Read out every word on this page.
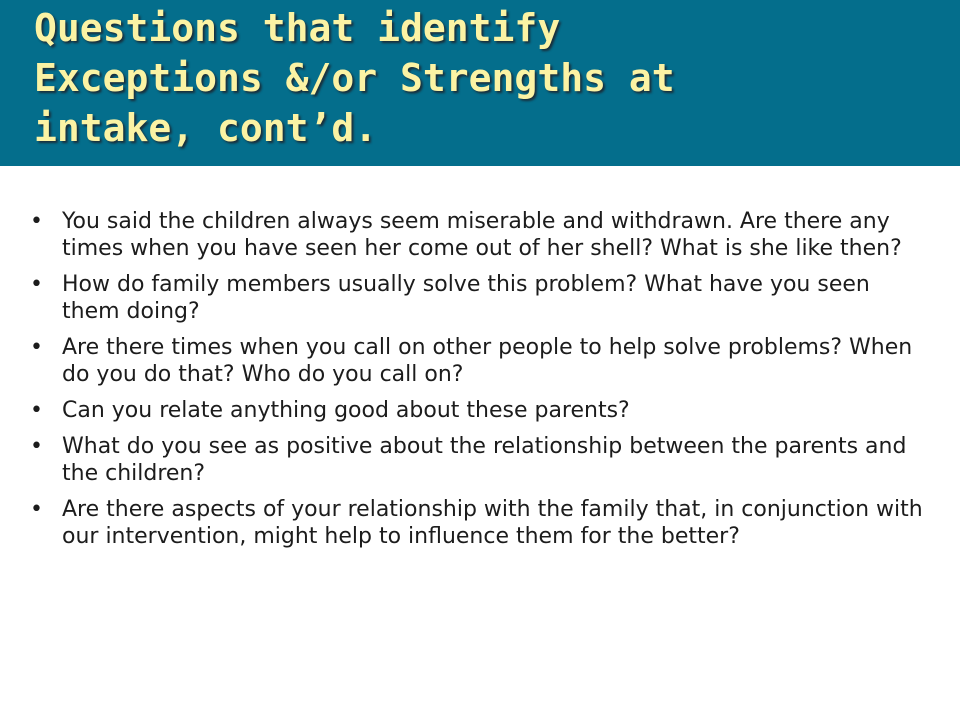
Questions that identify
Exceptions &/or Strengths at
intake, cont’d.
• You said the children always seem miserable and withdrawn. Are there any times when you have seen her come out of her shell? What is she like then?
• How do family members usually solve this problem? What have you seen them doing?
• Are there times when you call on other people to help solve problems? When do you do that? Who do you call on?
• Can you relate anything good about these parents?
• What do you see as positive about the relationship between the parents and the children?
• Are there aspects of your relationship with the family that, in conjunction with our intervention, might help to influence them for the better?
